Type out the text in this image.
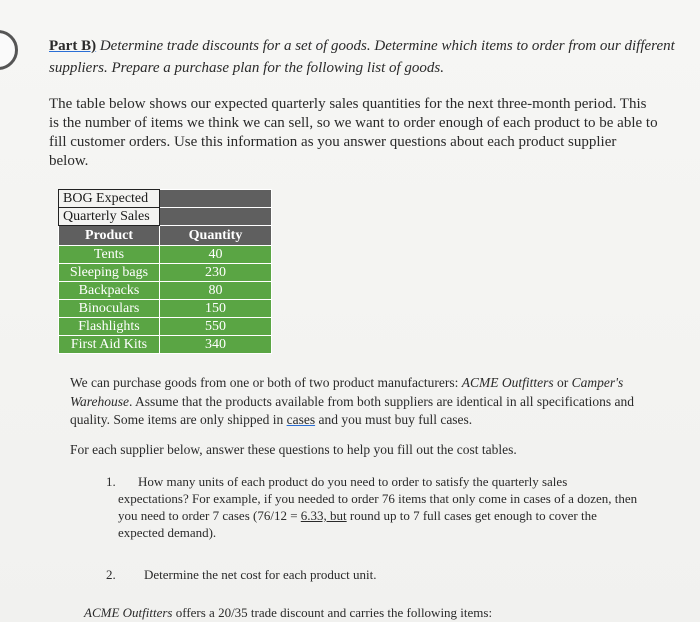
Part B) Determine trade discounts for a set of goods. Determine which items to order from our different suppliers. Prepare a purchase plan for the following list of goods.
The table below shows our expected quarterly sales quantities for the next three-month period. This is the number of items we think we can sell, so we want to order enough of each product to be able to fill customer orders. Use this information as you answer questions about each product supplier below.
BOG Expected	
Quarterly Sales	
Product	Quantity
Tents	40
Sleeping bags	230
Backpacks	80
Binoculars	150
Flashlights	550
First Aid Kits	340
We can purchase goods from one or both of two product manufacturers: ACME Outfitters or Camper's Warehouse. Assume that the products available from both suppliers are identical in all specifications and quality. Some items are only shipped in cases and you must buy full cases.
For each supplier below, answer these questions to help you fill out the cost tables.
1. How many units of each product do you need to order to satisfy the quarterly sales expectations? For example, if you needed to order 76 items that only come in cases of a dozen, then you need to order 7 cases (76/12 = 6.33, but round up to 7 full cases get enough to cover the expected demand).
2. Determine the net cost for each product unit.
ACME Outfitters offers a 20/35 trade discount and carries the following items:
